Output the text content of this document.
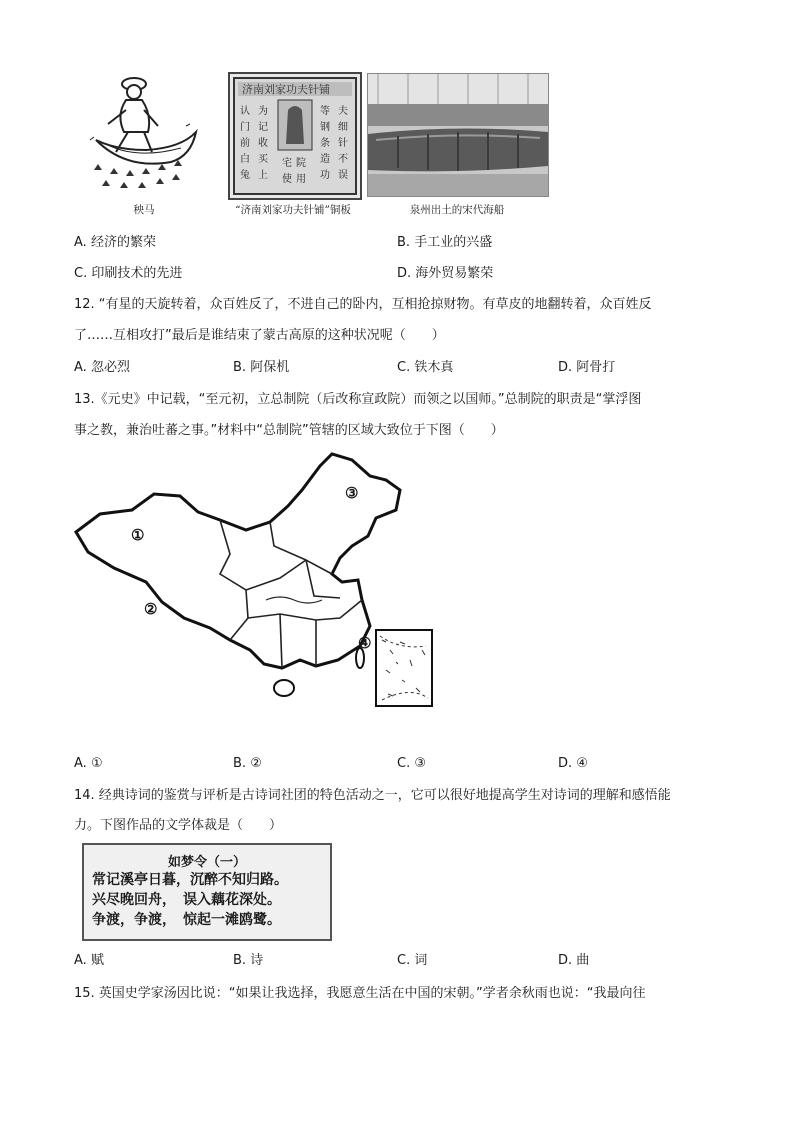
秧马
济南刘家功夫针铺
认
门
前
白
兔
为
记
收
买
上
等
钢
条
造
功
夫
细
针
不
误
宅 院
使 用
“济南刘家功夫针铺”铜板	泉州出土的宋代海船
A. 经济的繁荣	B. 手工业的兴盛
C. 印刷技术的先进	D. 海外贸易繁荣
12. “有星的天旋转着，众百姓反了，不进自己的卧内，互相抢掠财物。有草皮的地翻转着，众百姓反
了……互相攻打”最后是谁结束了蒙古高原的这种状况呢（　　）
A. 忽必烈	B. 阿保机	C. 铁木真	D. 阿骨打
13.《元史》中记载，“至元初，立总制院（后改称宣政院）而领之以国师。”总制院的职责是“掌浮图
事之教，兼治吐蕃之事。”材料中“总制院”管辖的区域大致位于下图（　　）
①
②
③
④
A. ①	B. ②	C. ③	D. ④
14. 经典诗词的鉴赏与评析是古诗词社团的特色活动之一，它可以很好地提高学生对诗词的理解和感悟能
力。下图作品的文学体裁是（　　）
如梦令（一）
常记溪亭日暮，沉醉不知归路。
兴尽晚回舟，　误入藕花深处。
争渡，争渡，　惊起一滩鸥鹭。
A. 赋	B. 诗	C. 词	D. 曲
15. 英国史学家汤因比说：“如果让我选择，我愿意生活在中国的宋朝。”学者余秋雨也说：“我最向往
